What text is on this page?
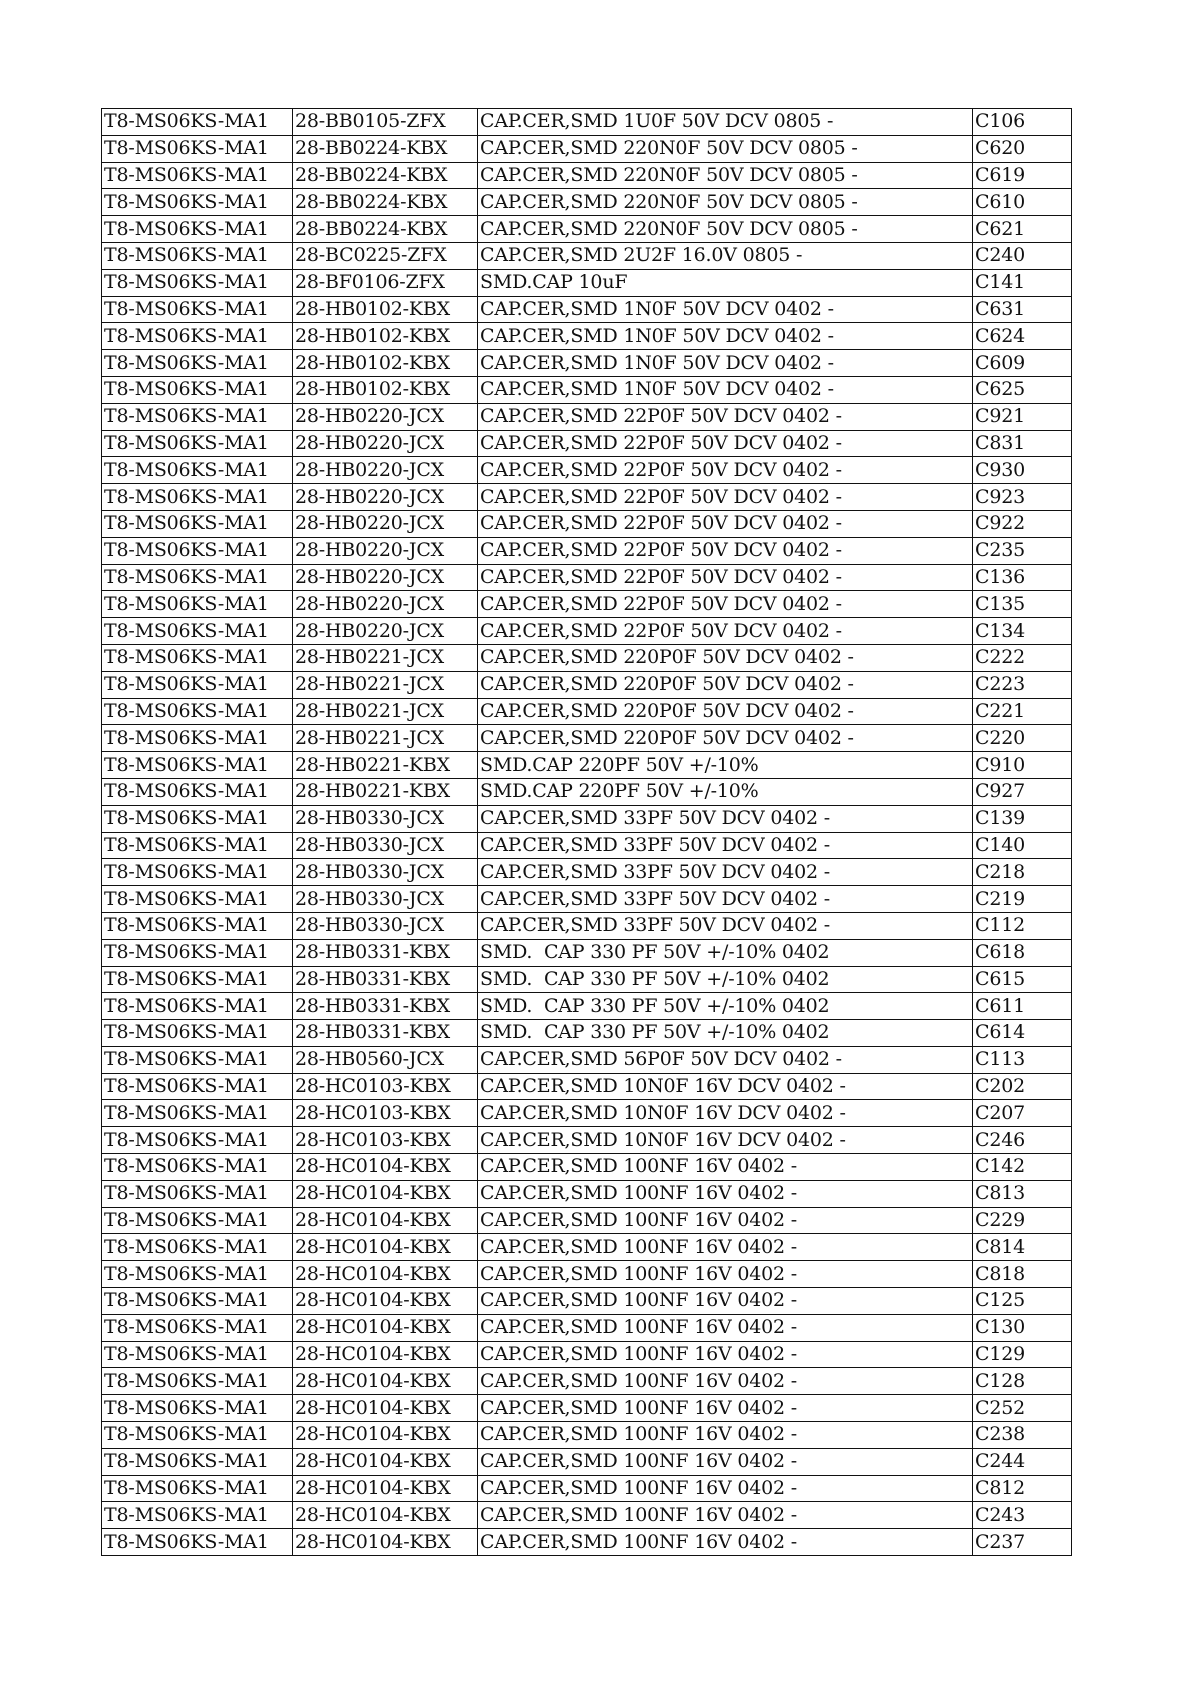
T8-MS06KS-MA1	28-BB0105-ZFX	CAP.CER,SMD 1U0F 50V DCV 0805 -	C106
T8-MS06KS-MA1	28-BB0224-KBX	CAP.CER,SMD 220N0F 50V DCV 0805 -	C620
T8-MS06KS-MA1	28-BB0224-KBX	CAP.CER,SMD 220N0F 50V DCV 0805 -	C619
T8-MS06KS-MA1	28-BB0224-KBX	CAP.CER,SMD 220N0F 50V DCV 0805 -	C610
T8-MS06KS-MA1	28-BB0224-KBX	CAP.CER,SMD 220N0F 50V DCV 0805 -	C621
T8-MS06KS-MA1	28-BC0225-ZFX	CAP.CER,SMD 2U2F 16.0V 0805 -	C240
T8-MS06KS-MA1	28-BF0106-ZFX	SMD.CAP 10uF	C141
T8-MS06KS-MA1	28-HB0102-KBX	CAP.CER,SMD 1N0F 50V DCV 0402 -	C631
T8-MS06KS-MA1	28-HB0102-KBX	CAP.CER,SMD 1N0F 50V DCV 0402 -	C624
T8-MS06KS-MA1	28-HB0102-KBX	CAP.CER,SMD 1N0F 50V DCV 0402 -	C609
T8-MS06KS-MA1	28-HB0102-KBX	CAP.CER,SMD 1N0F 50V DCV 0402 -	C625
T8-MS06KS-MA1	28-HB0220-JCX	CAP.CER,SMD 22P0F 50V DCV 0402 -	C921
T8-MS06KS-MA1	28-HB0220-JCX	CAP.CER,SMD 22P0F 50V DCV 0402 -	C831
T8-MS06KS-MA1	28-HB0220-JCX	CAP.CER,SMD 22P0F 50V DCV 0402 -	C930
T8-MS06KS-MA1	28-HB0220-JCX	CAP.CER,SMD 22P0F 50V DCV 0402 -	C923
T8-MS06KS-MA1	28-HB0220-JCX	CAP.CER,SMD 22P0F 50V DCV 0402 -	C922
T8-MS06KS-MA1	28-HB0220-JCX	CAP.CER,SMD 22P0F 50V DCV 0402 -	C235
T8-MS06KS-MA1	28-HB0220-JCX	CAP.CER,SMD 22P0F 50V DCV 0402 -	C136
T8-MS06KS-MA1	28-HB0220-JCX	CAP.CER,SMD 22P0F 50V DCV 0402 -	C135
T8-MS06KS-MA1	28-HB0220-JCX	CAP.CER,SMD 22P0F 50V DCV 0402 -	C134
T8-MS06KS-MA1	28-HB0221-JCX	CAP.CER,SMD 220P0F 50V DCV 0402 -	C222
T8-MS06KS-MA1	28-HB0221-JCX	CAP.CER,SMD 220P0F 50V DCV 0402 -	C223
T8-MS06KS-MA1	28-HB0221-JCX	CAP.CER,SMD 220P0F 50V DCV 0402 -	C221
T8-MS06KS-MA1	28-HB0221-JCX	CAP.CER,SMD 220P0F 50V DCV 0402 -	C220
T8-MS06KS-MA1	28-HB0221-KBX	SMD.CAP 220PF 50V +/-10%	C910
T8-MS06KS-MA1	28-HB0221-KBX	SMD.CAP 220PF 50V +/-10%	C927
T8-MS06KS-MA1	28-HB0330-JCX	CAP.CER,SMD 33PF 50V DCV 0402 -	C139
T8-MS06KS-MA1	28-HB0330-JCX	CAP.CER,SMD 33PF 50V DCV 0402 -	C140
T8-MS06KS-MA1	28-HB0330-JCX	CAP.CER,SMD 33PF 50V DCV 0402 -	C218
T8-MS06KS-MA1	28-HB0330-JCX	CAP.CER,SMD 33PF 50V DCV 0402 -	C219
T8-MS06KS-MA1	28-HB0330-JCX	CAP.CER,SMD 33PF 50V DCV 0402 -	C112
T8-MS06KS-MA1	28-HB0331-KBX	SMD.  CAP 330 PF 50V +/-10% 0402	C618
T8-MS06KS-MA1	28-HB0331-KBX	SMD.  CAP 330 PF 50V +/-10% 0402	C615
T8-MS06KS-MA1	28-HB0331-KBX	SMD.  CAP 330 PF 50V +/-10% 0402	C611
T8-MS06KS-MA1	28-HB0331-KBX	SMD.  CAP 330 PF 50V +/-10% 0402	C614
T8-MS06KS-MA1	28-HB0560-JCX	CAP.CER,SMD 56P0F 50V DCV 0402 -	C113
T8-MS06KS-MA1	28-HC0103-KBX	CAP.CER,SMD 10N0F 16V DCV 0402 -	C202
T8-MS06KS-MA1	28-HC0103-KBX	CAP.CER,SMD 10N0F 16V DCV 0402 -	C207
T8-MS06KS-MA1	28-HC0103-KBX	CAP.CER,SMD 10N0F 16V DCV 0402 -	C246
T8-MS06KS-MA1	28-HC0104-KBX	CAP.CER,SMD 100NF 16V 0402 -	C142
T8-MS06KS-MA1	28-HC0104-KBX	CAP.CER,SMD 100NF 16V 0402 -	C813
T8-MS06KS-MA1	28-HC0104-KBX	CAP.CER,SMD 100NF 16V 0402 -	C229
T8-MS06KS-MA1	28-HC0104-KBX	CAP.CER,SMD 100NF 16V 0402 -	C814
T8-MS06KS-MA1	28-HC0104-KBX	CAP.CER,SMD 100NF 16V 0402 -	C818
T8-MS06KS-MA1	28-HC0104-KBX	CAP.CER,SMD 100NF 16V 0402 -	C125
T8-MS06KS-MA1	28-HC0104-KBX	CAP.CER,SMD 100NF 16V 0402 -	C130
T8-MS06KS-MA1	28-HC0104-KBX	CAP.CER,SMD 100NF 16V 0402 -	C129
T8-MS06KS-MA1	28-HC0104-KBX	CAP.CER,SMD 100NF 16V 0402 -	C128
T8-MS06KS-MA1	28-HC0104-KBX	CAP.CER,SMD 100NF 16V 0402 -	C252
T8-MS06KS-MA1	28-HC0104-KBX	CAP.CER,SMD 100NF 16V 0402 -	C238
T8-MS06KS-MA1	28-HC0104-KBX	CAP.CER,SMD 100NF 16V 0402 -	C244
T8-MS06KS-MA1	28-HC0104-KBX	CAP.CER,SMD 100NF 16V 0402 -	C812
T8-MS06KS-MA1	28-HC0104-KBX	CAP.CER,SMD 100NF 16V 0402 -	C243
T8-MS06KS-MA1	28-HC0104-KBX	CAP.CER,SMD 100NF 16V 0402 -	C237
